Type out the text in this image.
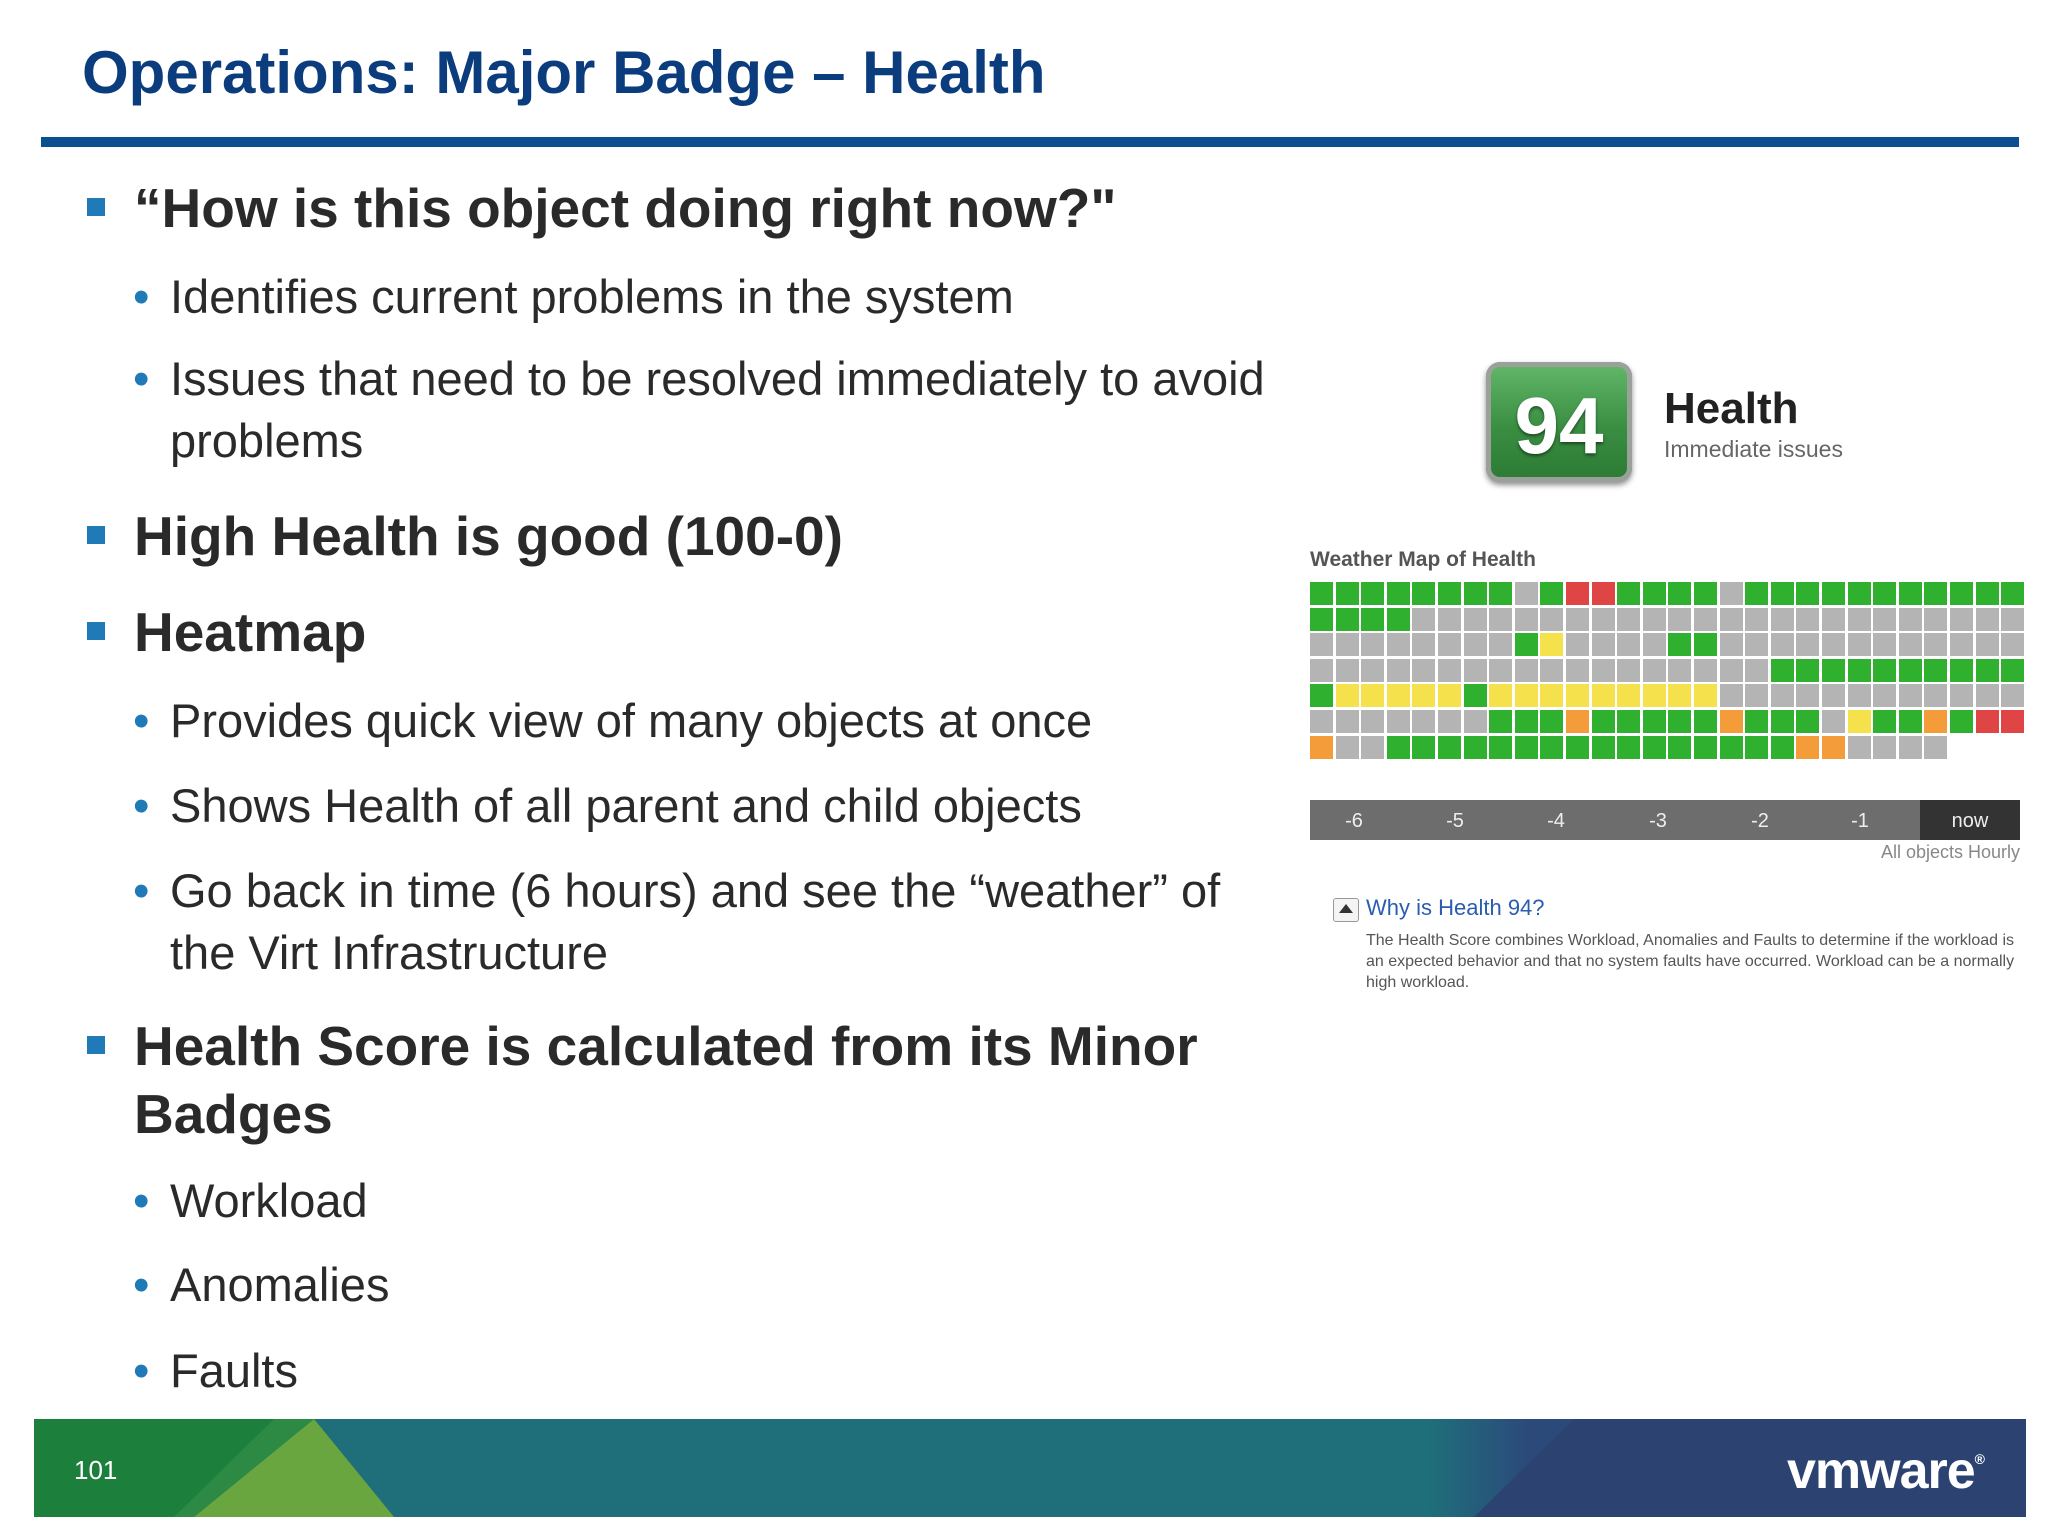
Operations: Major Badge – Health
“How is this object doing right now?"
• Identifies current problems in the system
• Issues that need to be resolved immediately to avoid problems
High Health is good (100-0)
Heatmap
• Provides quick view of many objects at once
• Shows Health of all parent and child objects
• Go back in time (6 hours) and see the “weather” of the Virt Infrastructure
Health Score is calculated from its Minor Badges
• Workload
• Anomalies
• Faults
94	Health
Immediate issues
Weather Map of Health
-6	-5	-4	-3	-2	-1	now
All objects Hourly
Why is Health 94?
The Health Score combines Workload, Anomalies and Faults to determine if the workload is an expected behavior and that no system faults have occurred. Workload can be a normally high workload.
101	vmware®
